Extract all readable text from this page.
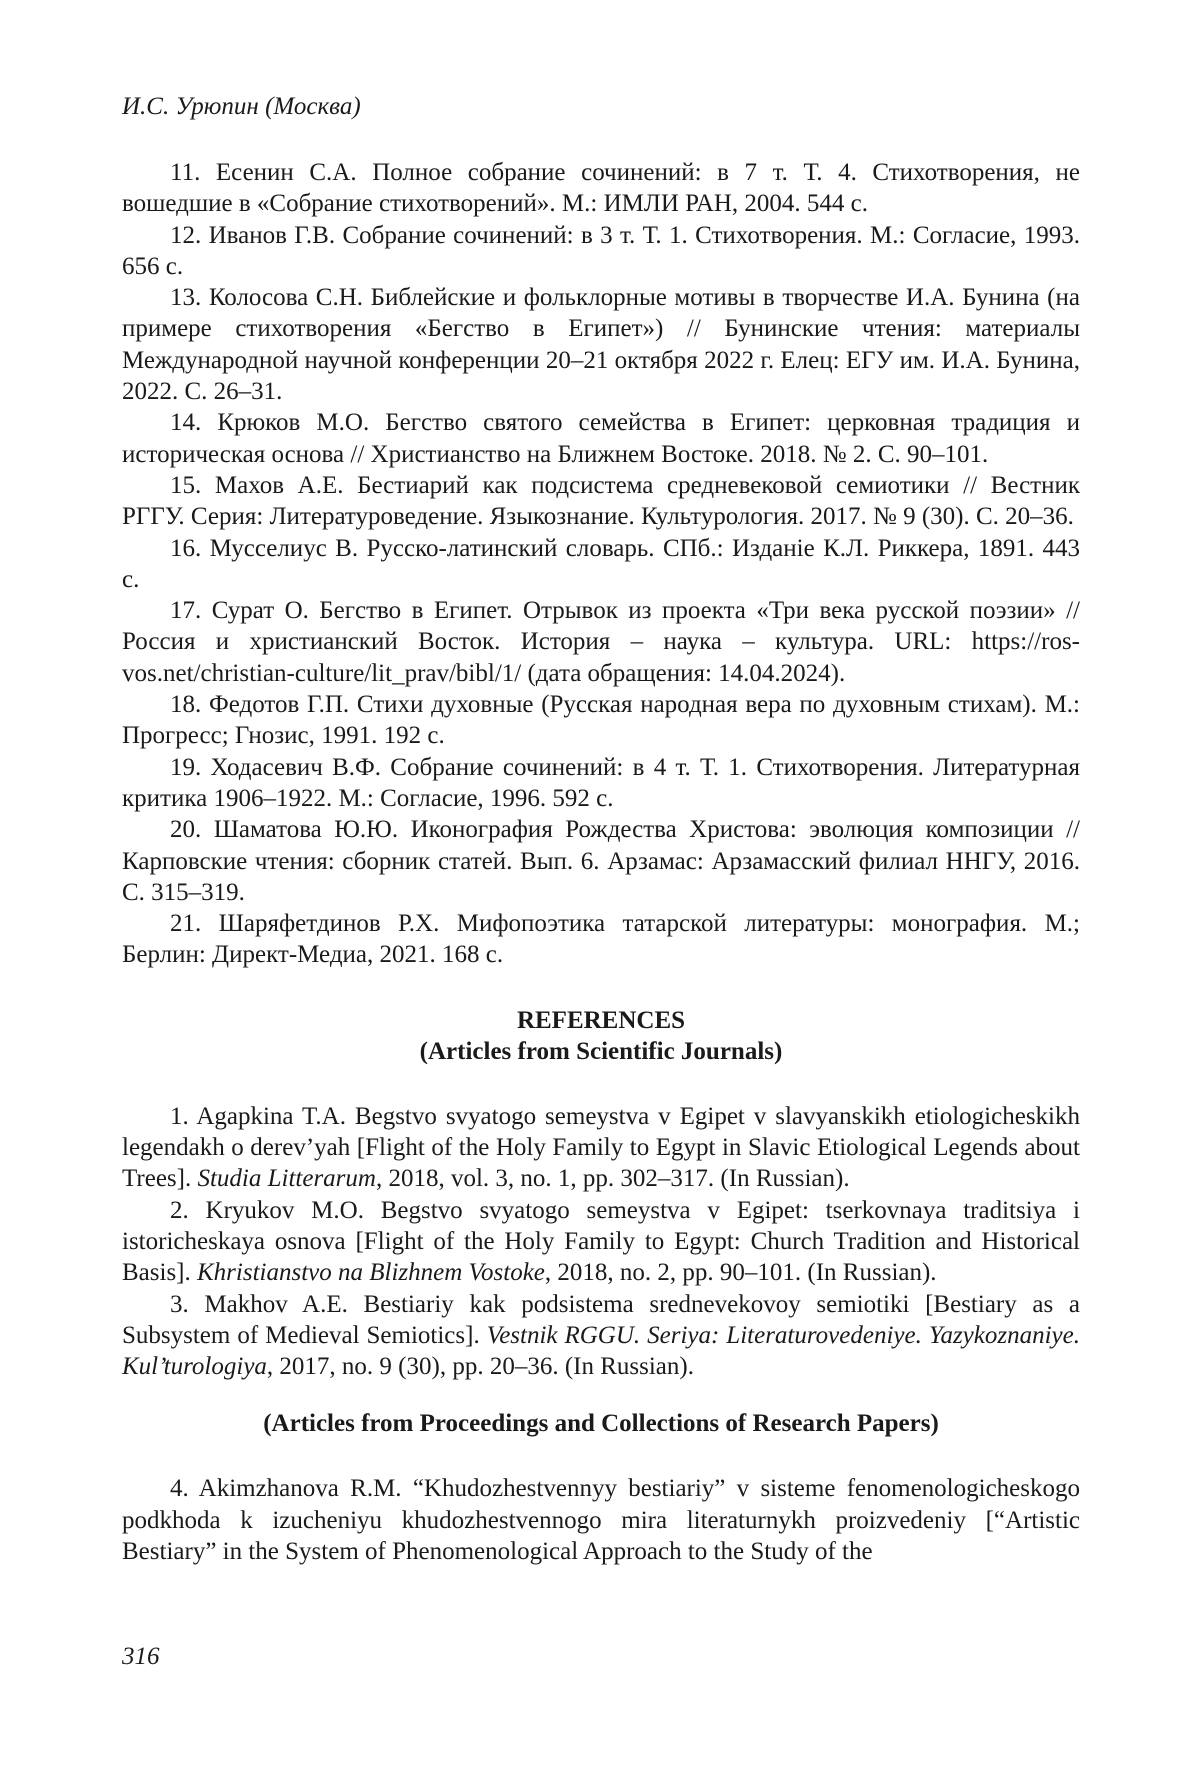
И.С. Урюпин (Москва)

11. Есенин С.А. Полное собрание сочинений: в 7 т. Т. 4. Стихотворения, не вошедшие в «Собрание стихотворений». М.: ИМЛИ РАН, 2004. 544 с.

12. Иванов Г.В. Собрание сочинений: в 3 т. Т. 1. Стихотворения. М.: Согласие, 1993. 656 с.

13. Колосова С.Н. Библейские и фольклорные мотивы в творчестве И.А. Бунина (на примере стихотворения «Бегство в Египет») // Бунинские чтения: материалы Международной научной конференции 20–21 октября 2022 г. Елец: ЕГУ им. И.А. Бунина, 2022. С. 26–31.

14. Крюков М.О. Бегство святого семейства в Египет: церковная традиция и историческая основа // Христианство на Ближнем Востоке. 2018. № 2. С. 90–101.

15. Махов А.Е. Бестиарий как подсистема средневековой семиотики // Вестник РГГУ. Серия: Литературоведение. Языкознание. Культурология. 2017. № 9 (30). С. 20–36.

16. Мусселиус В. Русско-латинский словарь. СПб.: Изданіе К.Л. Риккера, 1891. 443 с.

17. Сурат О. Бегство в Египет. Отрывок из проекта «Три века русской поэзии» // Россия и христианский Восток. История – наука – культура. URL: https://ros-vos.net/christian-culture/lit_prav/bibl/1/ (дата обращения: 14.04.2024).

18. Федотов Г.П. Стихи духовные (Русская народная вера по духовным стихам). М.: Прогресс; Гнозис, 1991. 192 с.

19. Ходасевич В.Ф. Собрание сочинений: в 4 т. Т. 1. Стихотворения. Литературная критика 1906–1922. М.: Согласие, 1996. 592 с.

20. Шаматова Ю.Ю. Иконография Рождества Христова: эволюция композиции // Карповские чтения: сборник статей. Вып. 6. Арзамас: Арзамасский филиал ННГУ, 2016. С. 315–319.

21. Шаряфетдинов Р.Х. Мифопоэтика татарской литературы: монография. М.; Берлин: Директ-Медиа, 2021. 168 с.

REFERENCES

(Articles from Scientific Journals)

1. Agapkina T.A. Begstvo svyatogo semeystva v Egipet v slavyanskikh etiologicheskikh legendakh o derev’yah [Flight of the Holy Family to Egypt in Slavic Etiological Legends about Trees]. Studia Litterarum, 2018, vol. 3, no. 1, pp. 302–317. (In Russian).

2. Kryukov M.O. Begstvo svyatogo semeystva v Egipet: tserkovnaya traditsiya i istoricheskaya osnova [Flight of the Holy Family to Egypt: Church Tradition and Historical Basis]. Khristianstvo na Blizhnem Vostoke, 2018, no. 2, pp. 90–101. (In Russian).

3. Makhov A.E. Bestiariy kak podsistema srednevekovoy semiotiki [Bestiary as a Subsystem of Medieval Semiotics]. Vestnik RGGU. Seriya: Literaturovedeniye. Yazykoznaniye. Kul’turologiya, 2017, no. 9 (30), pp. 20–36. (In Russian).

(Articles from Proceedings and Collections of Research Papers)

4. Akimzhanova R.M. “Khudozhestvennyy bestiariy” v sisteme fenomenologicheskogo podkhoda k izucheniyu khudozhestvennogo mira literaturnykh proizvedeniy [“Artistic Bestiary” in the System of Phenomenological Approach to the Study of the

316
